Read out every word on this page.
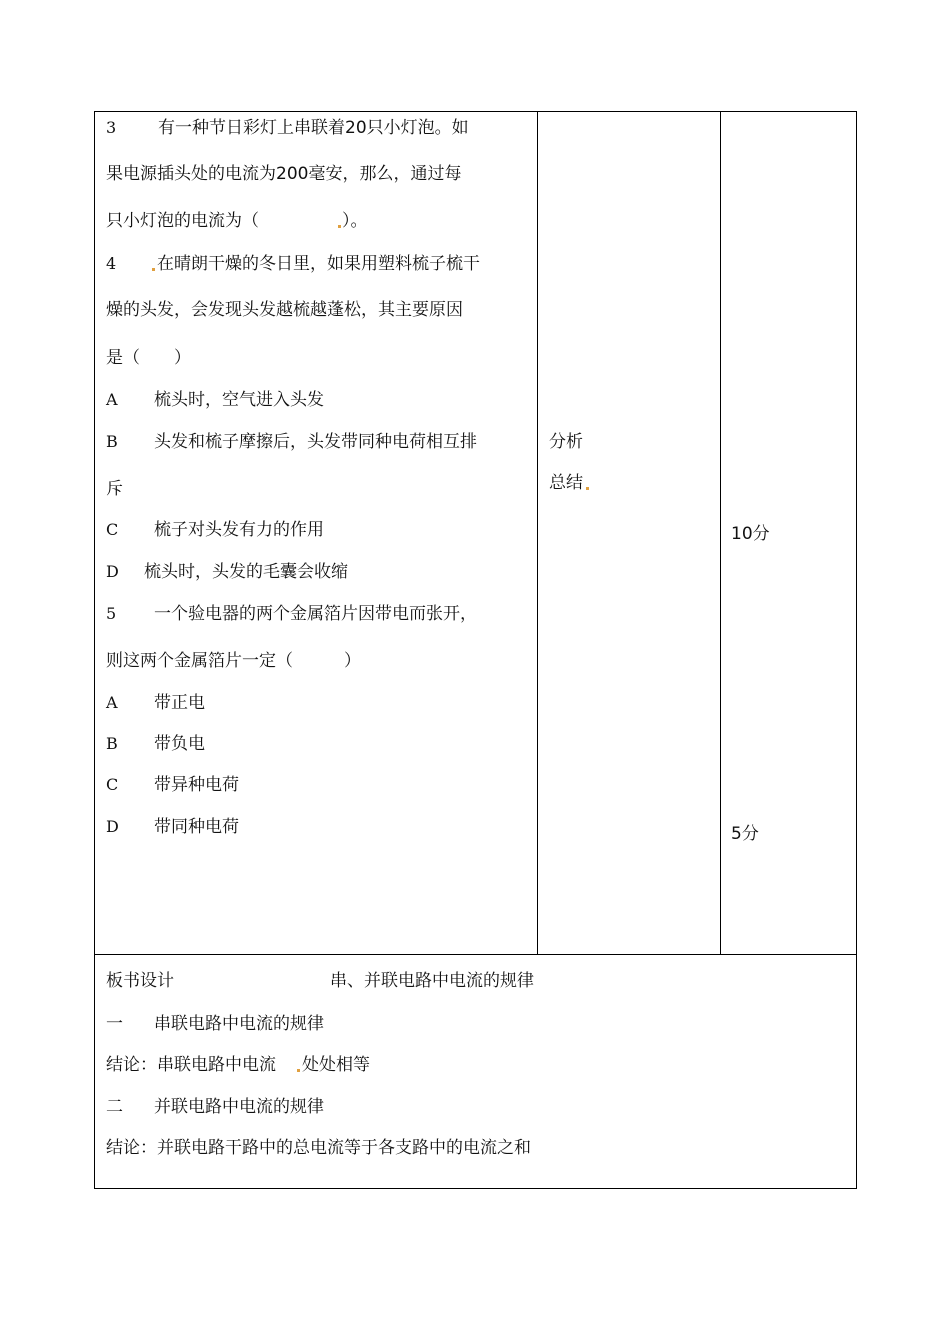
3 有一种节日彩灯上串联着20只小灯泡。如
果电源插头处的电流为200毫安，那么，通过每
只小灯泡的电流为（	）。
4 在晴朗干燥的冬日里，如果用塑料梳子梳干
燥的头发，会发现头发越梳越蓬松，其主要原因
是（　　）
A 梳头时，空气进入头发
B 头发和梳子摩擦后，头发带同种电荷相互排
斥
C 梳子对头发有力的作用
D 梳头时，头发的毛囊会收缩
5 一个验电器的两个金属箔片因带电而张开，
则这两个金属箔片一定（　　　）
A 带正电
B 带负电
C 带异种电荷
D 带同种电荷
分析
总结
10分
5分
板书设计	串、并联电路中电流的规律
一 串联电路中电流的规律
结论：串联电路中电流 处处相等
二 并联电路中电流的规律
结论：并联电路干路中的总电流等于各支路中的电流之和
